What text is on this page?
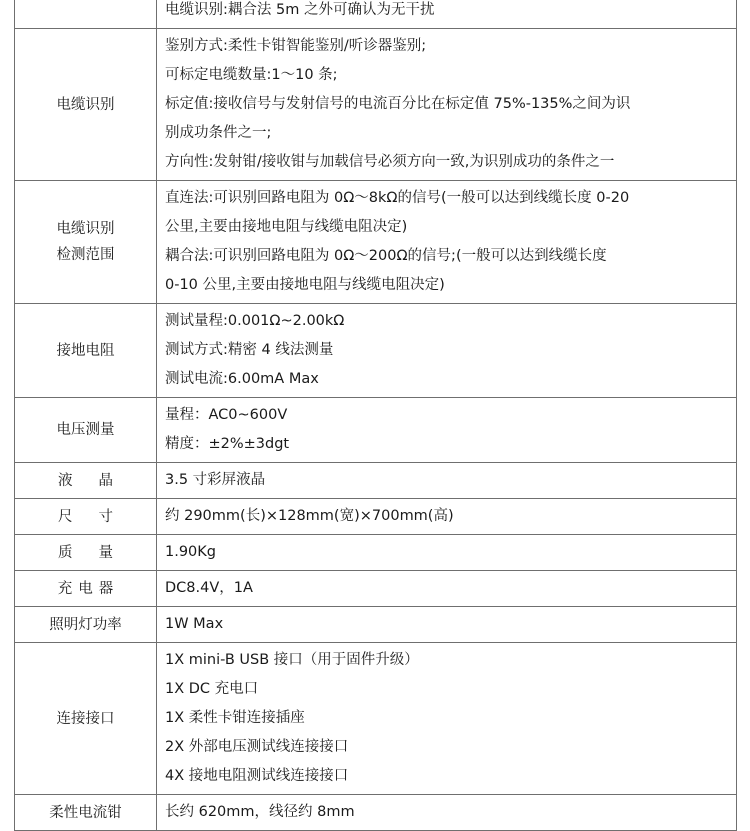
	电缆识别:耦合法 5m 之外可确认为无干扰

电缆识别	鉴别方式:柔性卡钳智能鉴别/听诊器鉴别;
可标定电缆数量:1～10 条;
标定值:接收信号与发射信号的电流百分比在标定值 75%-135%之间为识
别成功条件之一;
方向性:发射钳/接收钳与加载信号必须方向一致,为识别成功的条件之一

电缆识别
检测范围	直连法:可识别回路电阻为 0Ω～8kΩ的信号(一般可以达到线缆长度 0-20
公里,主要由接地电阻与线缆电阻决定)
耦合法:可识别回路电阻为 0Ω～200Ω的信号;(一般可以达到线缆长度
0-10 公里,主要由接地电阻与线缆电阻决定)

接地电阻	测试量程:0.001Ω~2.00kΩ
测试方式:精密 4 线法测量
测试电流:6.00mA Max

电压测量	量程：AC0~600V
精度：±2%±3dgt

液晶	3.5 寸彩屏液晶

尺寸	约 290mm(长)×128mm(宽)×700mm(高)

质量	1.90Kg

充电器	DC8.4V，1A

照明灯功率	1W Max

连接接口	1X mini-B USB 接口（用于固件升级）
1X DC 充电口
1X 柔性卡钳连接插座
2X 外部电压测试线连接接口
4X 接地电阻测试线连接接口

柔性电流钳	长约 620mm，线径约 8mm
